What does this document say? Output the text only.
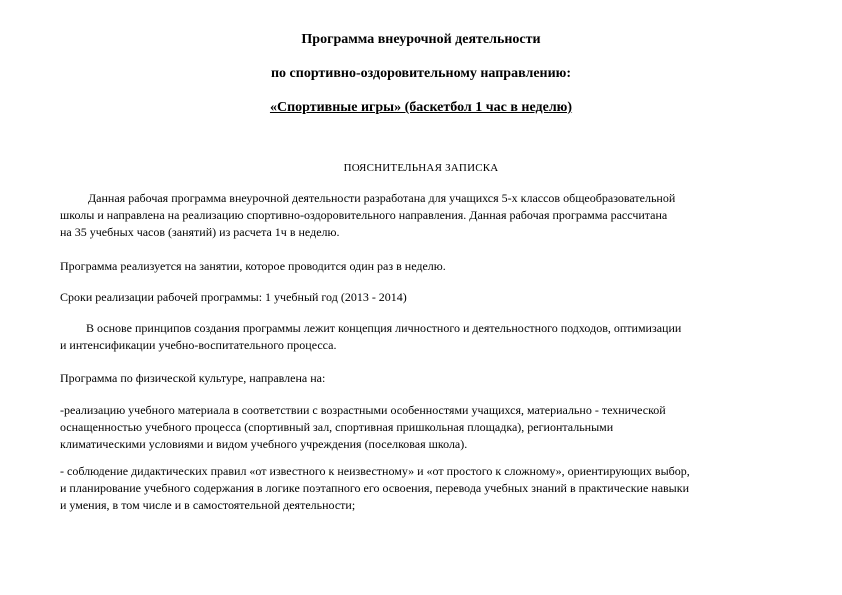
Программа внеурочной деятельности
по спортивно-оздоровительному направлению:
«Спортивные игры» (баскетбол 1 час в неделю)
ПОЯСНИТЕЛЬНАЯ ЗАПИСКА
Данная рабочая программа внеурочной деятельности разработана для учащихся 5-х классов общеобразовательной
школы и направлена на реализацию спортивно-оздоровительного направления. Данная рабочая программа рассчитана
на 35 учебных часов (занятий) из расчета 1ч в неделю.
Программа реализуется на занятии, которое проводится один раз в неделю.
Сроки реализации рабочей программы: 1 учебный год (2013 - 2014)
В основе принципов создания программы лежит концепция личностного и деятельностного подходов, оптимизации
и интенсификации учебно-воспитательного процесса.
Программа по физической культуре, направлена на:
-реализацию учебного материала в соответствии с возрастными особенностями учащихся, материально - технической
оснащенностью учебного процесса (спортивный зал, спортивная пришкольная площадка), регионтальными
климатическими условиями и видом учебного учреждения (поселковая школа).
- соблюдение дидактических правил «от известного к неизвестному» и «от простого к сложному», ориентирующих выбор,
и планирование учебного содержания в логике поэтапного его освоения, перевода учебных знаний в практические навыки
и умения, в том числе и в самостоятельной деятельности;
